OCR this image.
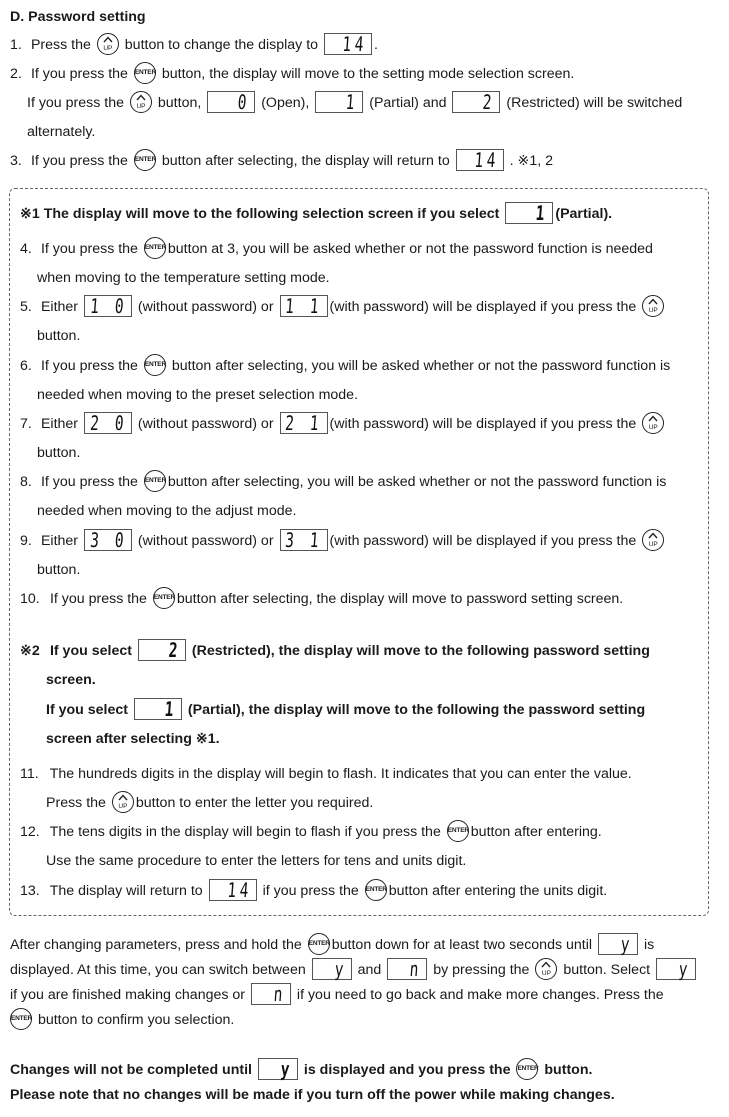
D. Password setting
1. Press the	UP button to change the display to 14 .
2. If you press the ENTER button, the display will move to the setting mode selection screen.
If you press the	UP button, 0 (Open), 1 (Partial) and 2 (Restricted) will be switched
alternately.
3. If you press the ENTER button after selecting, the display will return to 14 . ※1, 2
※1 The display will move to the following selection screen if you select 1 (Partial).
4. If you press the ENTER button at 3, you will be asked whether or not the password function is needed
when moving to the temperature setting mode.
5. Either 1 0 (without password) or 1 1 (with password) will be displayed if you press the	UP
button.
6. If you press the ENTER button after selecting, you will be asked whether or not the password function is
needed when moving to the preset selection mode.
7. Either 2 0 (without password) or 2 1 (with password) will be displayed if you press the	UP
button.
8. If you press the ENTER button after selecting, you will be asked whether or not the password function is
needed when moving to the adjust mode.
9. Either 3 0 (without password) or 3 1 (with password) will be displayed if you press the	UP
button.
10. If you press the ENTER button after selecting, the display will move to password setting screen.
※2 If you select 2 (Restricted), the display will move to the following password setting
screen.
If you select 1 (Partial), the display will move to the following the password setting
screen after selecting ※1.
11. The hundreds digits in the display will begin to flash. It indicates that you can enter the value.
Press the	UP button to enter the letter you required.
12. The tens digits in the display will begin to flash if you press the ENTER button after entering.
Use the same procedure to enter the letters for tens and units digit.
13. The display will return to 14 if you press the ENTER button after entering the units digit.
After changing parameters, press and hold the ENTER button down for at least two seconds until y is
displayed. At this time, you can switch between y and n by pressing the	UP button. Select y
if you are finished making changes or n if you need to go back and make more changes. Press the
ENTER button to confirm you selection.
Changes will not be completed until y is displayed and you press the ENTER button.
Please note that no changes will be made if you turn off the power while making changes.
